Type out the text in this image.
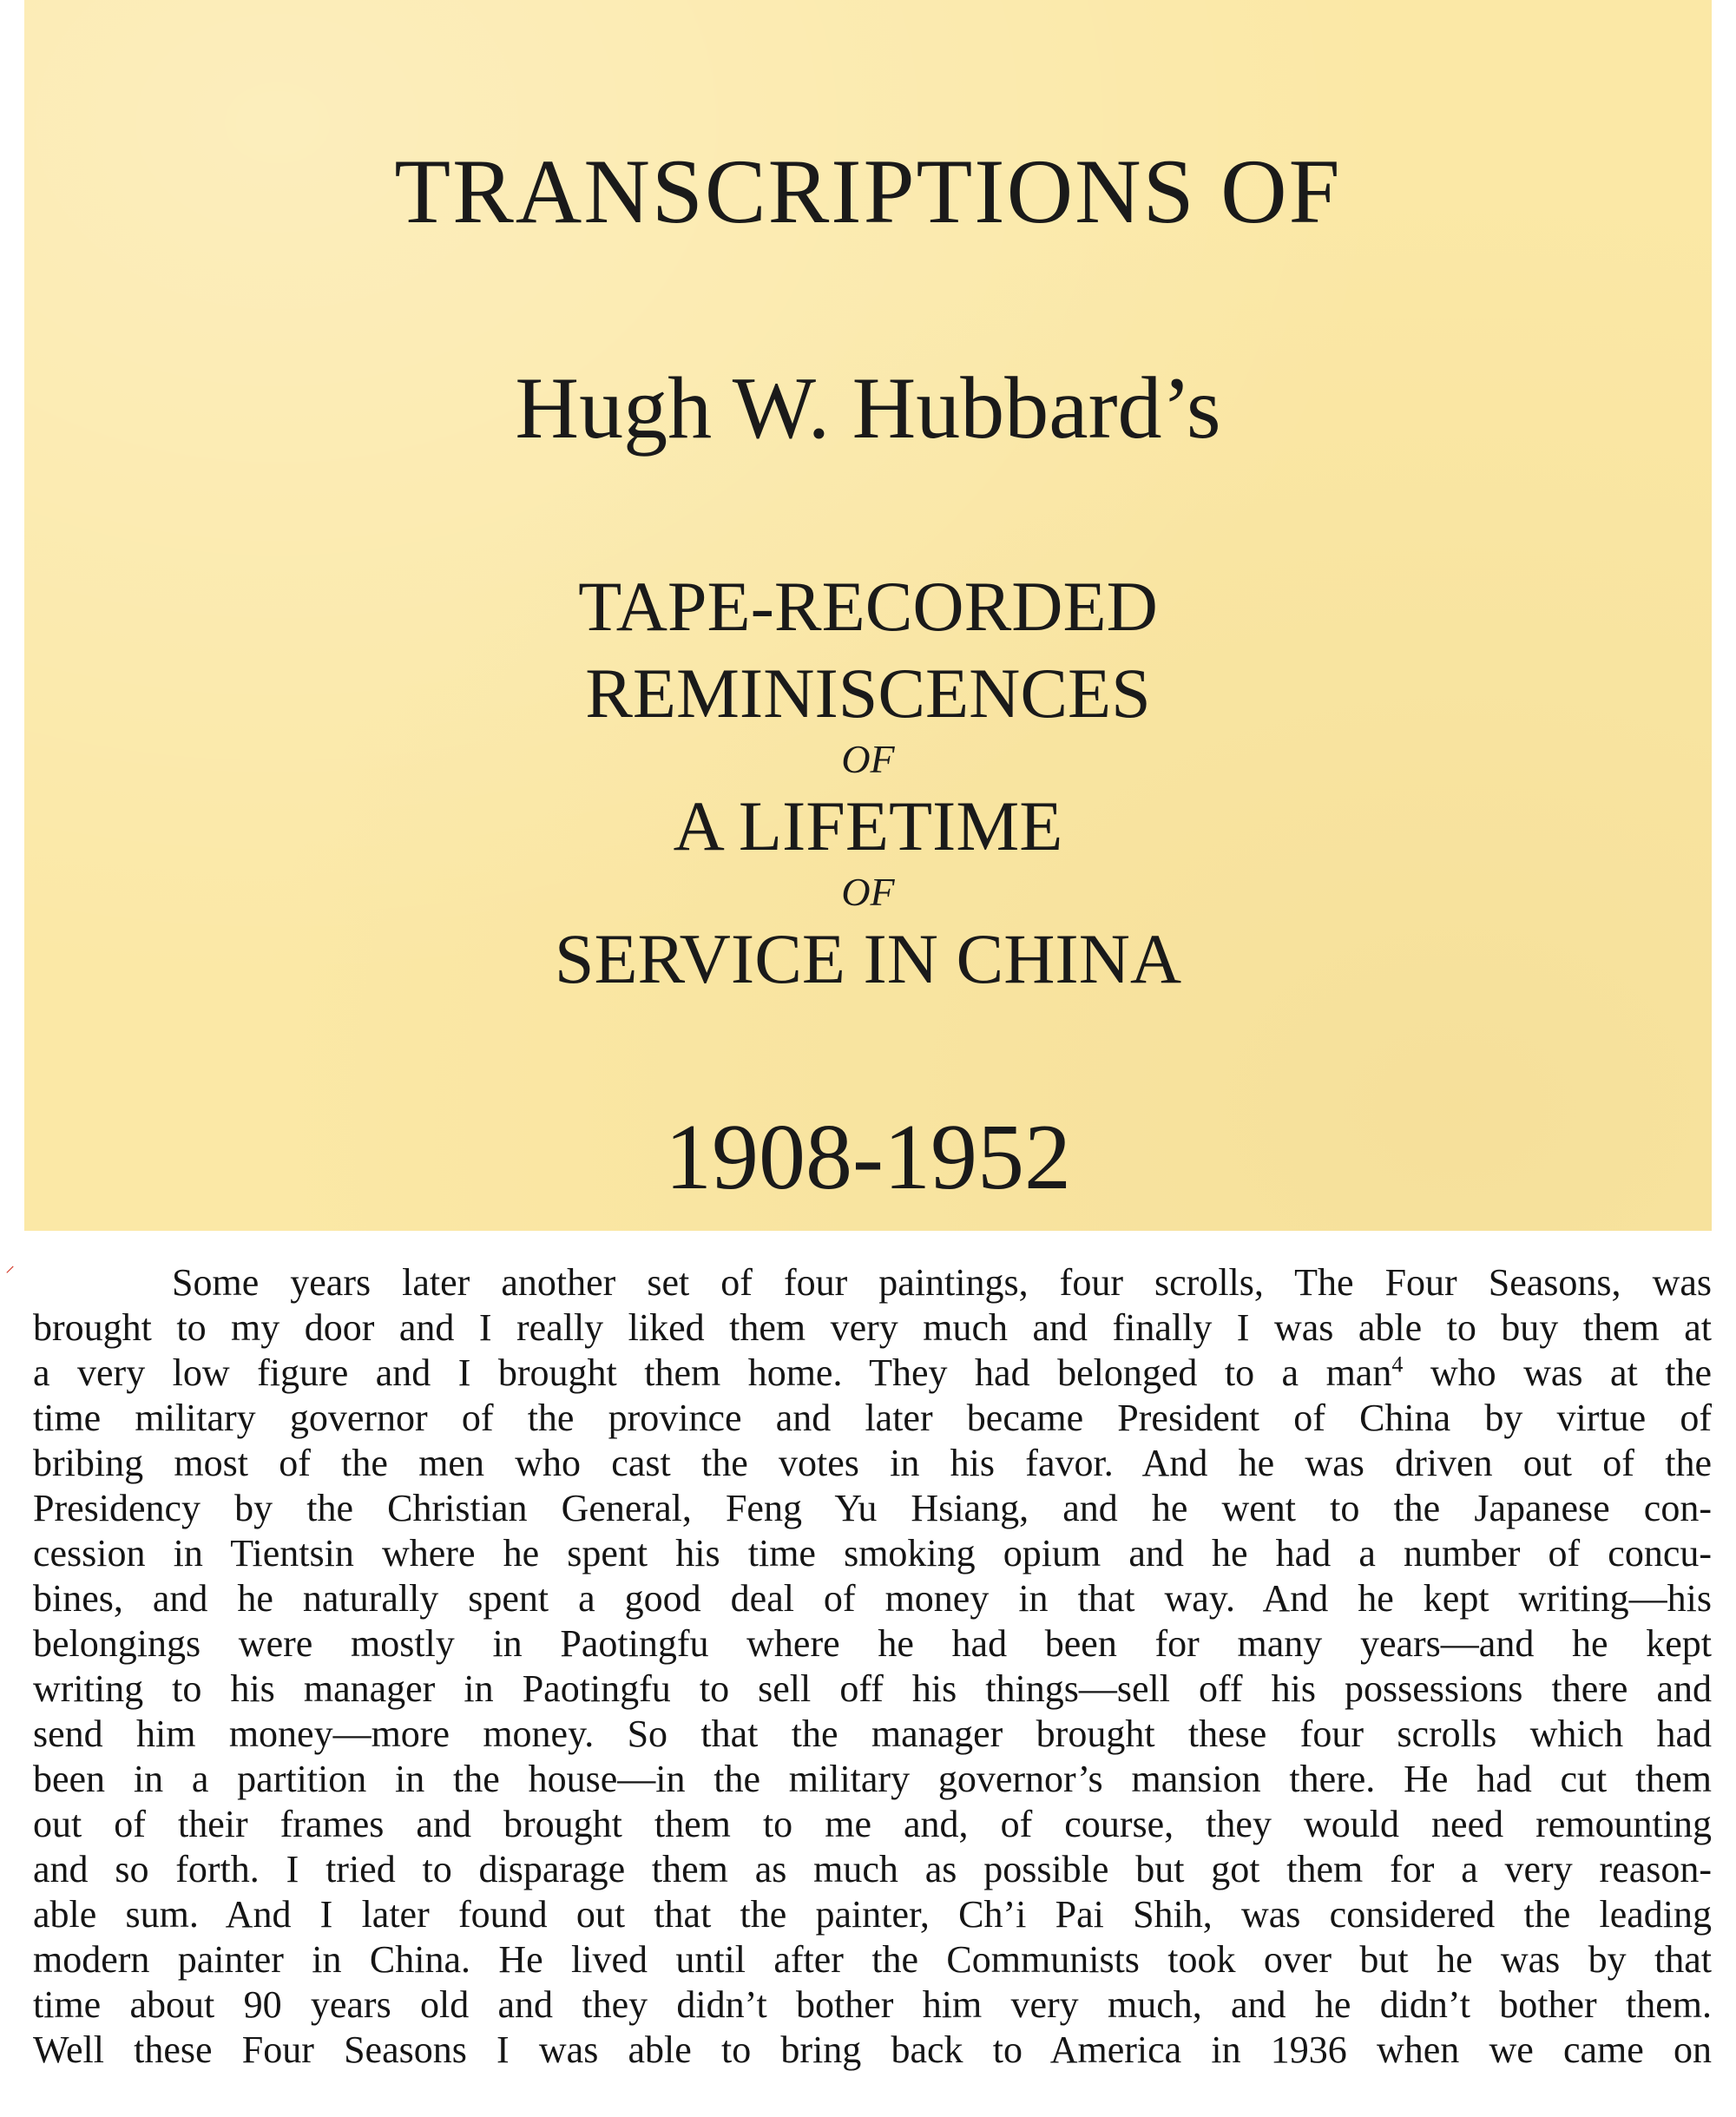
TRANSCRIPTIONS OF
Hugh W. Hubbard’s
TAPE-RECORDED
REMINISCENCES
OF
A LIFETIME
OF
SERVICE IN CHINA
1908-1952
⸝	Some years later another set of four paintings, four scrolls, The Four Seasons, was
brought to my door and I really liked them very much and finally I was able to buy them at
a very low figure and I brought them home. They had belonged to a man$^4$ who was at the
time military governor of the province and later became President of China by virtue of
bribing most of the men who cast the votes in his favor. And he was driven out of the
Presidency by the Christian General, Feng Yu Hsiang, and he went to the Japanese con-
cession in Tientsin where he spent his time smoking opium and he had a number of concu-
bines, and he naturally spent a good deal of money in that way. And he kept writing—his
belongings were mostly in Paotingfu where he had been for many years—and he kept
writing to his manager in Paotingfu to sell off his things—sell off his possessions there and
send him money—more money. So that the manager brought these four scrolls which had
been in a partition in the house—in the military governor’s mansion there. He had cut them
out of their frames and brought them to me and, of course, they would need remounting
and so forth. I tried to disparage them as much as possible but got them for a very reason-
able sum. And I later found out that the painter, Ch’i Pai Shih, was considered the leading
modern painter in China. He lived until after the Communists took over but he was by that
time about 90 years old and they didn’t bother him very much, and he didn’t bother them.
Well these Four Seasons I was able to bring back to America in 1936 when we came on
